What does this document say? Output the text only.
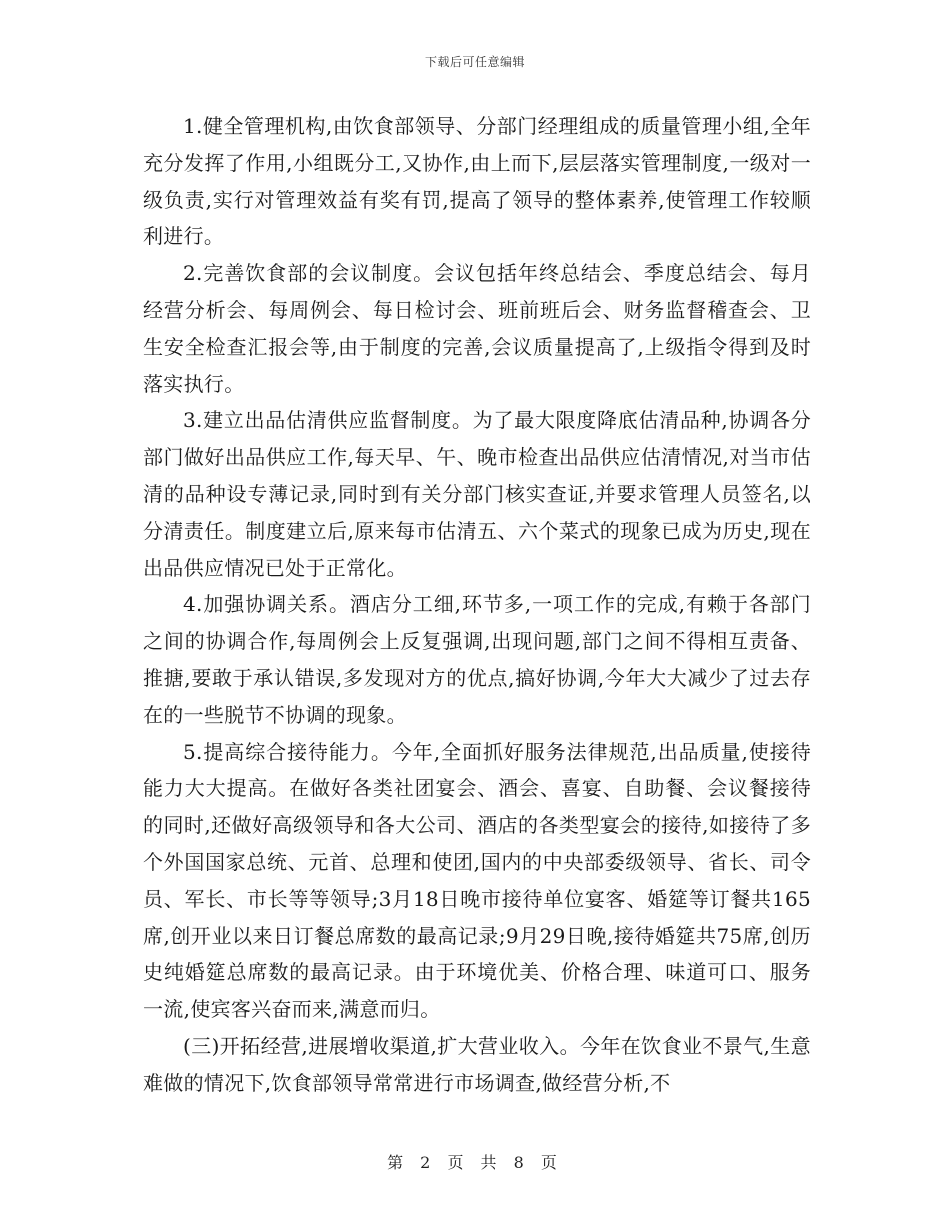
下载后可任意编辑

1.健全管理机构,由饮食部领导、分部门经理组成的质量管理小组,全年充分发挥了作用,小组既分工,又协作,由上而下,层层落实管理制度,一级对一级负责,实行对管理效益有奖有罚,提高了领导的整体素养,使管理工作较顺利进行。

2.完善饮食部的会议制度。会议包括年终总结会、季度总结会、每月经营分析会、每周例会、每日检讨会、班前班后会、财务监督稽查会、卫生安全检查汇报会等,由于制度的完善,会议质量提高了,上级指令得到及时落实执行。

3.建立出品估清供应监督制度。为了最大限度降底估清品种,协调各分部门做好出品供应工作,每天早、午、晚市检查出品供应估清情况,对当市估清的品种设专薄记录,同时到有关分部门核实查证,并要求管理人员签名,以分清责任。制度建立后,原来每市估清五、六个菜式的现象已成为历史,现在出品供应情况已处于正常化。

4.加强协调关系。酒店分工细,环节多,一项工作的完成,有赖于各部门之间的协调合作,每周例会上反复强调,出现问题,部门之间不得相互责备、推搪,要敢于承认错误,多发现对方的优点,搞好协调,今年大大减少了过去存在的一些脱节不协调的现象。

5.提高综合接待能力。今年,全面抓好服务法律规范,出品质量,使接待能力大大提高。在做好各类社团宴会、酒会、喜宴、自助餐、会议餐接待的同时,还做好高级领导和各大公司、酒店的各类型宴会的接待,如接待了多个外国国家总统、元首、总理和使团,国内的中央部委级领导、省长、司令员、军长、市长等等领导;3月18日晚市接待单位宴客、婚筵等订餐共165席,创开业以来日订餐总席数的最高记录;9月29日晚,接待婚筵共75席,创历史纯婚筵总席数的最高记录。由于环境优美、价格合理、味道可口、服务一流,使宾客兴奋而来,满意而归。

(三)开拓经营,进展增收渠道,扩大营业收入。今年在饮食业不景气,生意难做的情况下,饮食部领导常常进行市场调查,做经营分析,不

第 2 页 共 8 页
